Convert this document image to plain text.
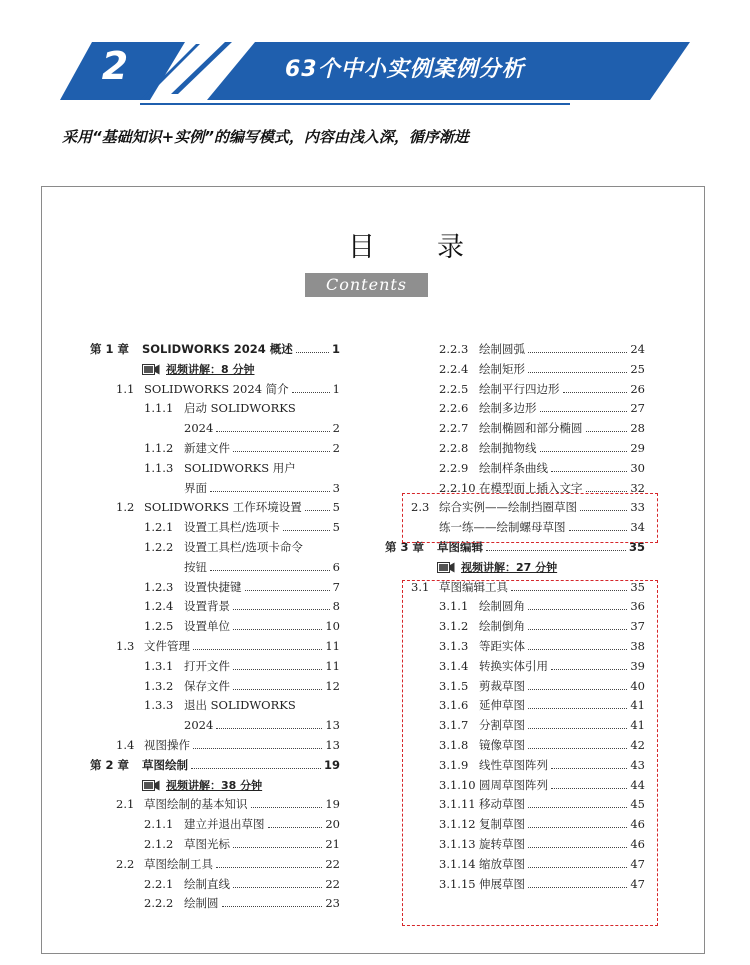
2	63个中小实例案例分析
采用“基础知识+实例”的编写模式，内容由浅入深，循序渐进
目录
Contents
第 1 章 SOLIDWORKS 2024 概述	1
视频讲解：8 分钟
1.1 SOLIDWORKS 2024 简介	1
1.1.1 启动 SOLIDWORKS
2024	2
1.1.2 新建文件	2
1.1.3 SOLIDWORKS 用户
界面	3
1.2 SOLIDWORKS 工作环境设置	5
1.2.1 设置工具栏/选项卡	5
1.2.2 设置工具栏/选项卡命令
按钮	6
1.2.3 设置快捷键	7
1.2.4 设置背景	8
1.2.5 设置单位	10
1.3 文件管理	11
1.3.1 打开文件	11
1.3.2 保存文件	12
1.3.3 退出 SOLIDWORKS
2024	13
1.4 视图操作	13
第 2 章 草图绘制	19
视频讲解：38 分钟
2.1 草图绘制的基本知识	19
2.1.1 建立并退出草图	20
2.1.2 草图光标	21
2.2 草图绘制工具	22
2.2.1 绘制直线	22
2.2.2 绘制圆	23
2.2.3 绘制圆弧	24
2.2.4 绘制矩形	25
2.2.5 绘制平行四边形	26
2.2.6 绘制多边形	27
2.2.7 绘制椭圆和部分椭圆	28
2.2.8 绘制抛物线	29
2.2.9 绘制样条曲线	30
2.2.10 在模型面上插入文字	32
2.3 综合实例——绘制挡圈草图	33
练一练——绘制螺母草图	34
第 3 章 草图编辑	35
视频讲解：27 分钟
3.1 草图编辑工具	35
3.1.1 绘制圆角	36
3.1.2 绘制倒角	37
3.1.3 等距实体	38
3.1.4 转换实体引用	39
3.1.5 剪裁草图	40
3.1.6 延伸草图	41
3.1.7 分割草图	41
3.1.8 镜像草图	42
3.1.9 线性草图阵列	43
3.1.10 圆周草图阵列	44
3.1.11 移动草图	45
3.1.12 复制草图	46
3.1.13 旋转草图	46
3.1.14 缩放草图	47
3.1.15 伸展草图	47
